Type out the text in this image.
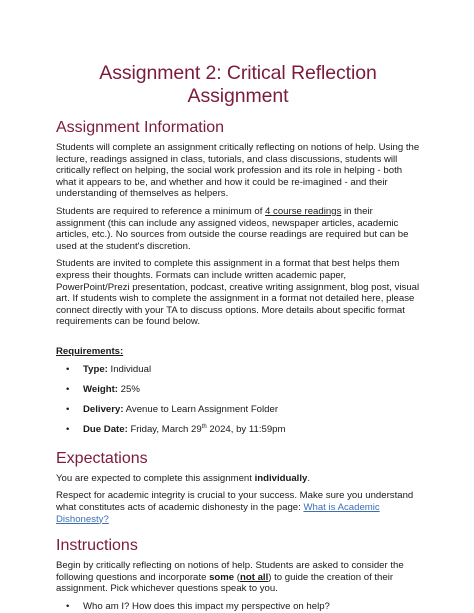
Assignment 2: Critical Reflection Assignment
Assignment Information

Students will complete an assignment critically reflecting on notions of help. Using the lecture, readings assigned in class, tutorials, and class discussions, students will critically reflect on helping, the social work profession and its role in helping - both what it appears to be, and whether and how it could be re-imagined - and their understanding of themselves as helpers.

Students are required to reference a minimum of 4 course readings in their assignment (this can include any assigned videos, newspaper articles, academic articles, etc.). No sources from outside the course readings are required but can be used at the student's discretion.

Students are invited to complete this assignment in a format that best helps them express their thoughts. Formats can include written academic paper, PowerPoint/Prezi presentation, podcast, creative writing assignment, blog post, visual art. If students wish to complete the assignment in a format not detailed here, please connect directly with your TA to discuss options. More details about specific format requirements can be found below.

Requirements:
• Type: Individual
• Weight: 25%
• Delivery: Avenue to Learn Assignment Folder
• Due Date: Friday, March 29th 2024, by 11:59pm
Expectations

You are expected to complete this assignment individually.

Respect for academic integrity is crucial to your success. Make sure you understand what constitutes acts of academic dishonesty in the page: What is Academic Dishonesty?

Instructions

Begin by critically reflecting on notions of help. Students are asked to consider the following questions and incorporate some (not all) to guide the creation of their assignment. Pick whichever questions speak to you.

• Who am I? How does this impact my perspective on help?
